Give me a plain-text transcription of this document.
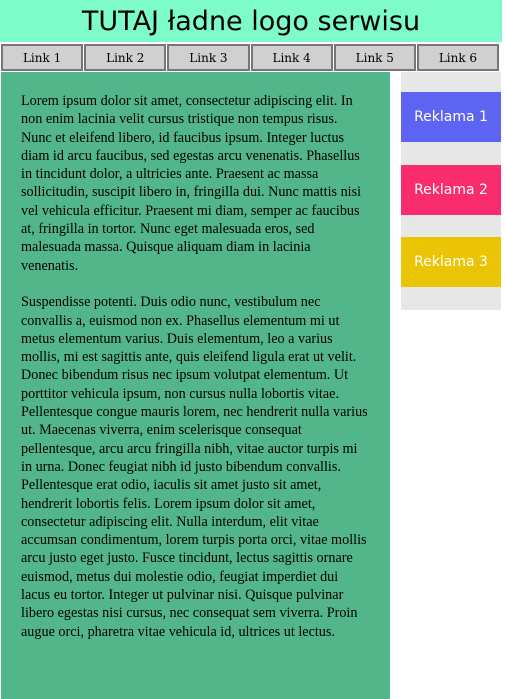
TUTAJ ładne logo serwisu
Link 1	Link 2	Link 3	Link 4	Link 5	Link 6

Lorem ipsum dolor sit amet, consectetur adipiscing elit. In non enim lacinia velit cursus tristique non tempus risus. Nunc et eleifend libero, id faucibus ipsum. Integer luctus diam id arcu faucibus, sed egestas arcu venenatis. Phasellus in tincidunt dolor, a ultricies ante. Praesent ac massa sollicitudin, suscipit libero in, fringilla dui. Nunc mattis nisi vel vehicula efficitur. Praesent mi diam, semper ac faucibus at, fringilla in tortor. Nunc eget malesuada eros, sed malesuada massa. Quisque aliquam diam in lacinia venenatis.

Suspendisse potenti. Duis odio nunc, vestibulum nec convallis a, euismod non ex. Phasellus elementum mi ut metus elementum varius. Duis elementum, leo a varius mollis, mi est sagittis ante, quis eleifend ligula erat ut velit. Donec bibendum risus nec ipsum volutpat elementum. Ut porttitor vehicula ipsum, non cursus nulla lobortis vitae. Pellentesque congue mauris lorem, nec hendrerit nulla varius ut. Maecenas viverra, enim scelerisque consequat pellentesque, arcu arcu fringilla nibh, vitae auctor turpis mi in urna. Donec feugiat nibh id justo bibendum convallis. Pellentesque erat odio, iaculis sit amet justo sit amet, hendrerit lobortis felis. Lorem ipsum dolor sit amet, consectetur adipiscing elit. Nulla interdum, elit vitae accumsan condimentum, lorem turpis porta orci, vitae mollis arcu justo eget justo. Fusce tincidunt, lectus sagittis ornare euismod, metus dui molestie odio, feugiat imperdiet dui lacus eu tortor. Integer ut pulvinar nisi. Quisque pulvinar libero egestas nisi cursus, nec consequat sem viverra. Proin augue orci, pharetra vitae vehicula id, ultrices ut lectus.

Reklama 1
Reklama 2
Reklama 3
